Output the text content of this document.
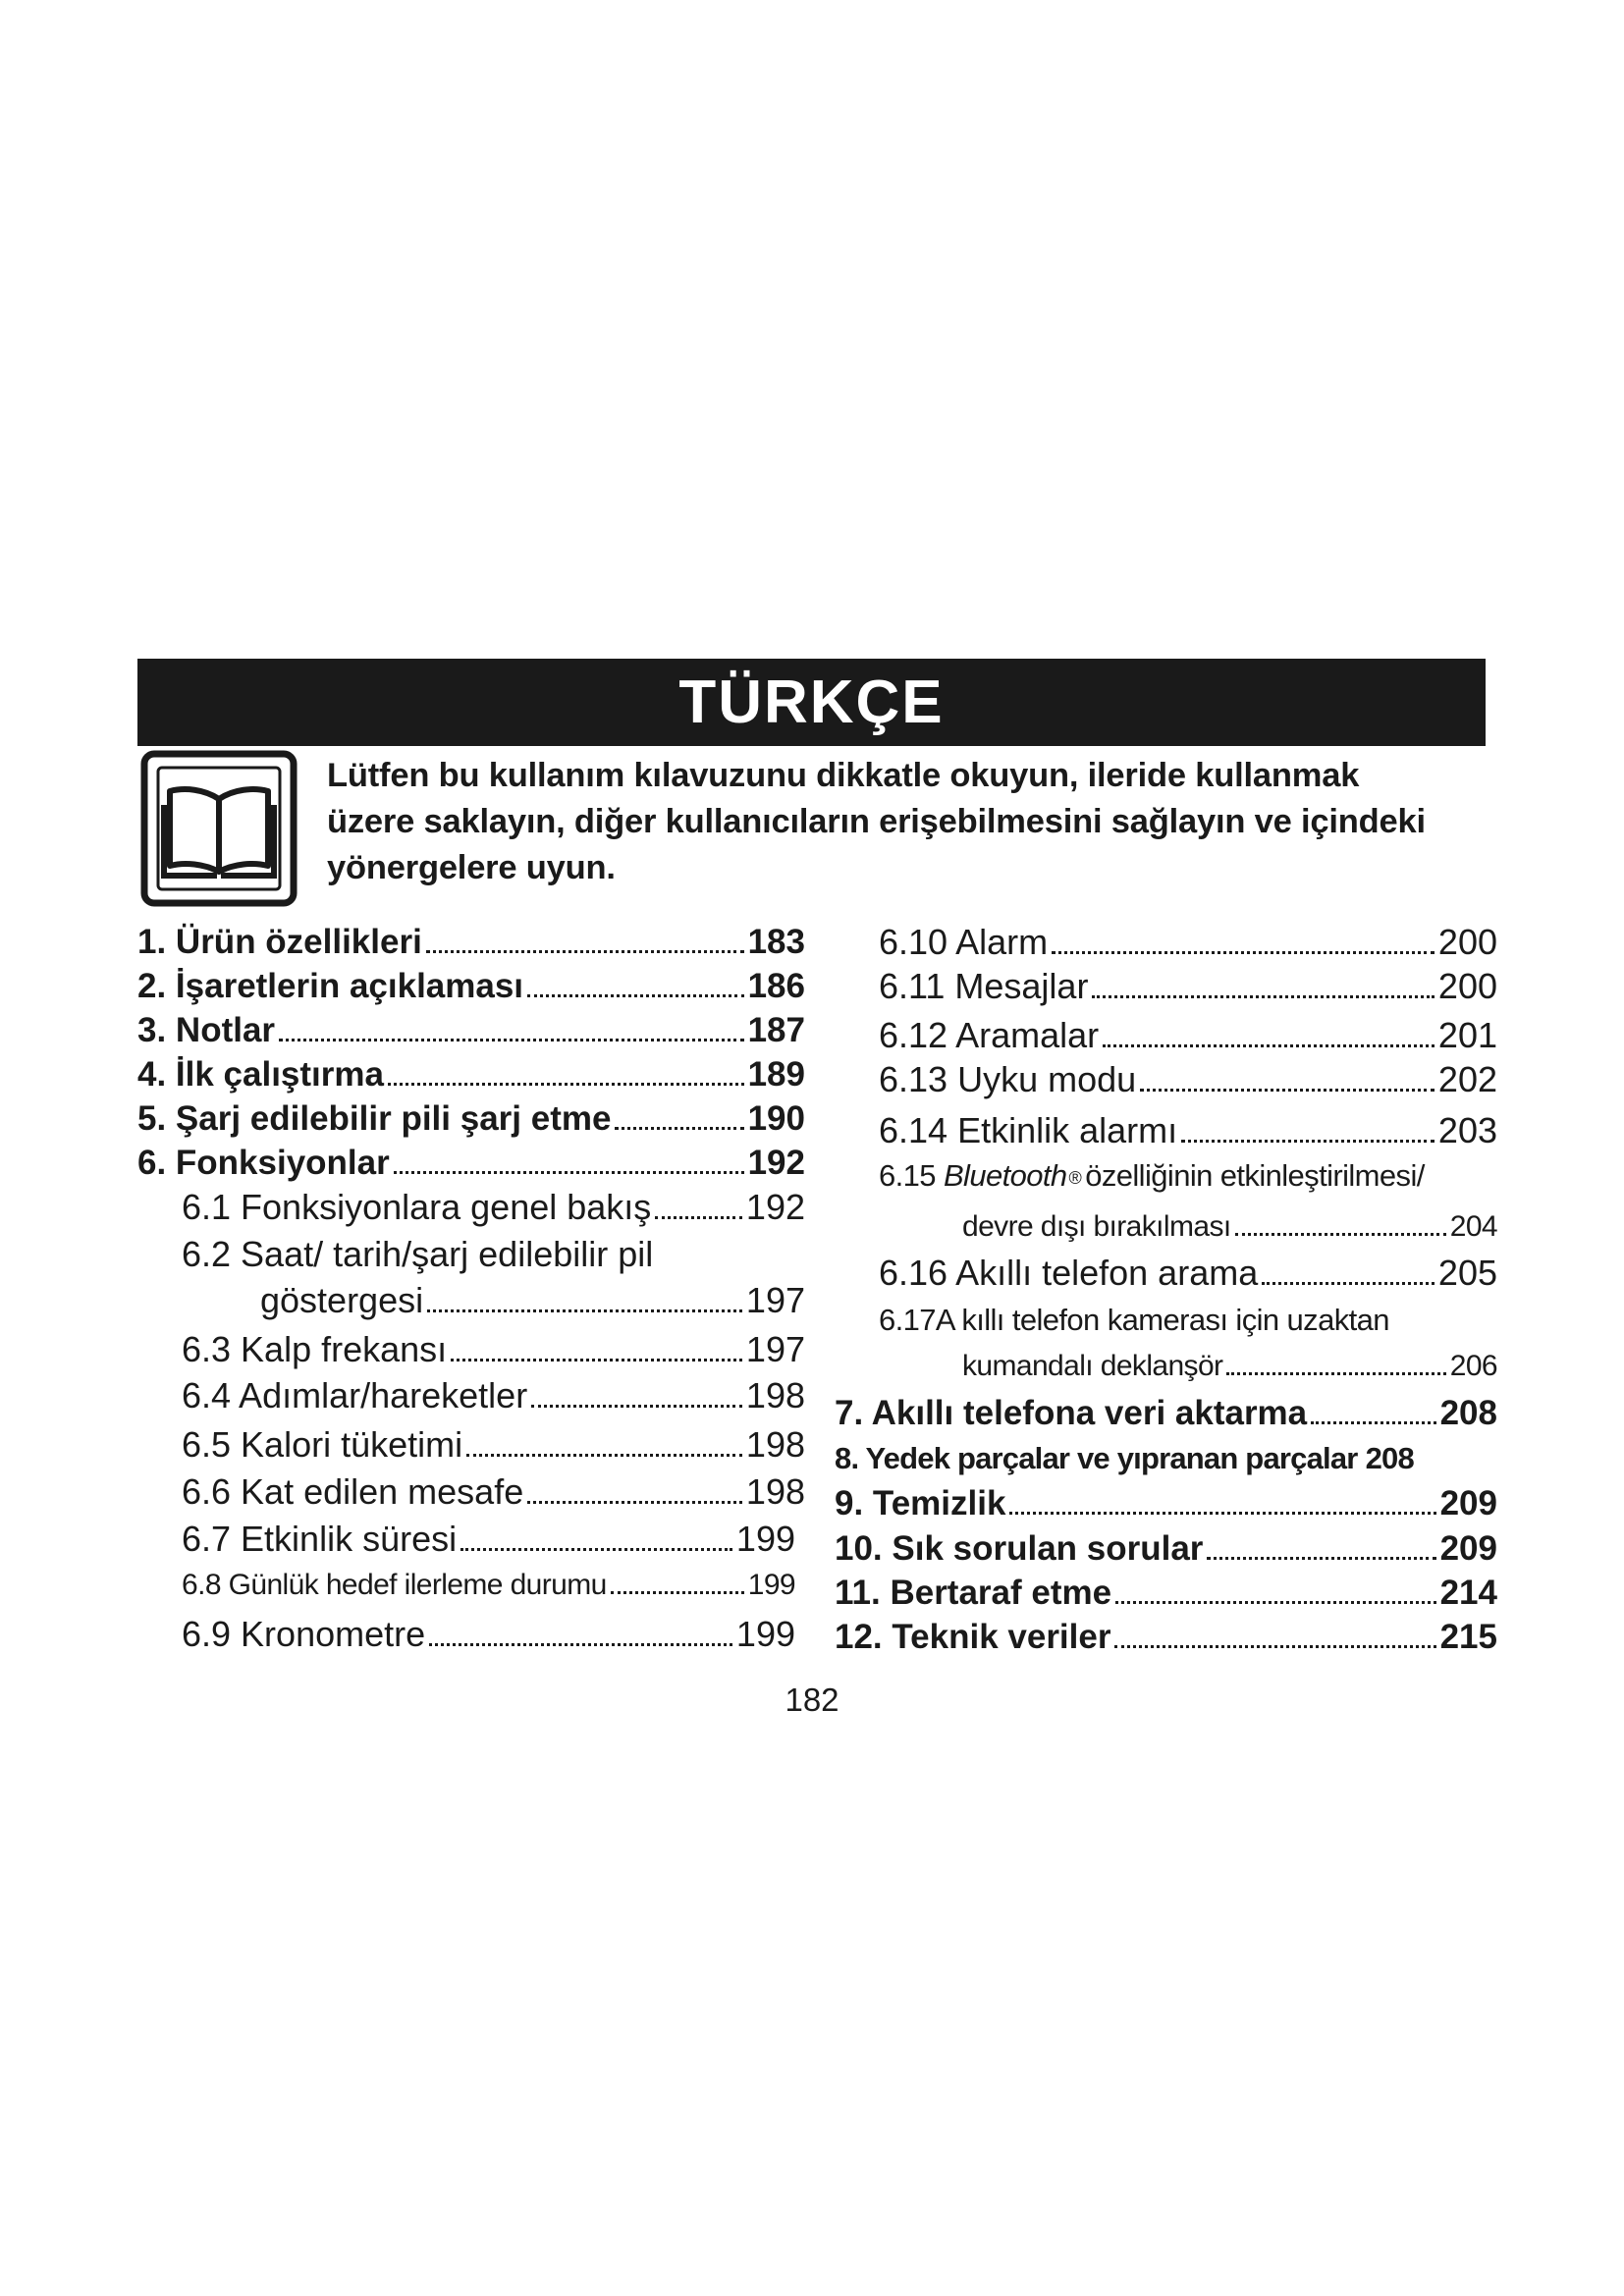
TÜRKÇE
Lütfen bu kullanım kılavuzunu dikkatle okuyun, ileride kullanmak
üzere saklayın, diğer kullanıcıların erişebilmesini sağlayın ve içindeki
yönergelere uyun.
1. Ürün özellikleri	183
2. İşaretlerin açıklaması	186
3. Notlar	187
4. İlk çalıştırma	189
5. Şarj edilebilir pili şarj etme	190
6. Fonksiyonlar	192
6.1 Fonksiyonlara genel bakış	192
6.2 Saat/ tarih/şarj edilebilir pil
göstergesi	197
6.3 Kalp frekansı	197
6.4 Adımlar/hareketler	198
6.5 Kalori tüketimi	198
6.6 Kat edilen mesafe	198
6.7 Etkinlik süresi	199
6.8 Günlük hedef ilerleme durumu	199
6.9 Kronometre	199
6.10 Alarm	200
6.11 Mesajlar	200
6.12 Aramalar	201
6.13 Uyku modu	202
6.14 Etkinlik alarmı	203
6.15 Bluetooth ® özelliğinin etkinleştirilmesi/
devre dışı bırakılması	204
6.16 Akıllı telefon arama	205
6.17A kıllı telefon kamerası için uzaktan
kumandalı deklanşör	206
7. Akıllı telefona veri aktarma	208
8. Yedek parçalar ve yıpranan parçalar 208
9. Temizlik	209
10. Sık sorulan sorular	209
11. Bertaraf etme	214
12. Teknik veriler	215
182
